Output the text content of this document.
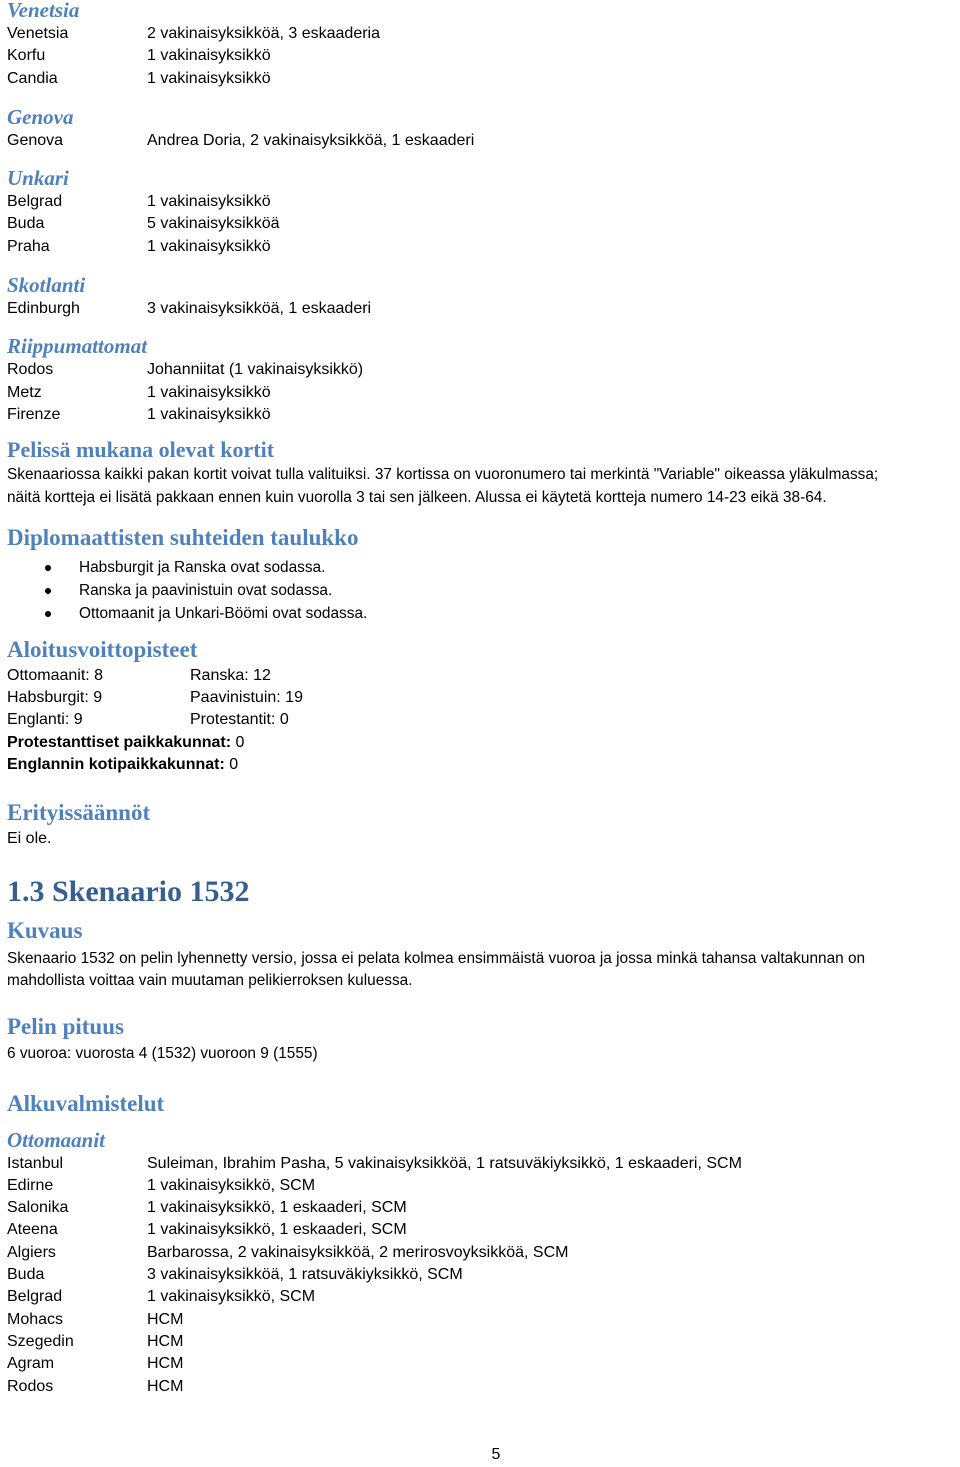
Venetsia
Venetsia	2 vakinaisyksikköä, 3 eskaaderia
Korfu	1 vakinaisyksikkö
Candia	1 vakinaisyksikkö
Genova
Genova	Andrea Doria, 2 vakinaisyksikköä, 1 eskaaderi
Unkari
Belgrad	1 vakinaisyksikkö
Buda	5 vakinaisyksikköä
Praha	1 vakinaisyksikkö
Skotlanti
Edinburgh	3 vakinaisyksikköä, 1 eskaaderi
Riippumattomat
Rodos	Johanniitat (1 vakinaisyksikkö)
Metz	1 vakinaisyksikkö
Firenze	1 vakinaisyksikkö
Pelissä mukana olevat kortit

Skenaariossa kaikki pakan kortit voivat tulla valituiksi. 37 kortissa on vuoronumero tai merkintä "Variable" oikeassa yläkulmassa;

näitä kortteja ei lisätä pakkaan ennen kuin vuorolla 3 tai sen jälkeen. Alussa ei käytetä kortteja numero 14-23 eikä 38-64.

Diplomaattisten suhteiden taulukko
Habsburgit ja Ranska ovat sodassa.
Ranska ja paavinistuin ovat sodassa.
Ottomaanit ja Unkari-Böömi ovat sodassa.
Aloitusvoittopisteet
Ottomaanit: 8	Ranska: 12
Habsburgit: 9	Paavinistuin: 19
Englanti: 9	Protestantit: 0
Protestanttiset paikkakunnat: 0
Englannin kotipaikkakunnat: 0
Erityissäännöt

Ei ole.

1.3 Skenaario 1532
Kuvaus

Skenaario 1532 on pelin lyhennetty versio, jossa ei pelata kolmea ensimmäistä vuoroa ja jossa minkä tahansa valtakunnan on

mahdollista voittaa vain muutaman pelikierroksen kuluessa.

Pelin pituus

6 vuoroa: vuorosta 4 (1532) vuoroon 9 (1555)

Alkuvalmistelut
Ottomaanit
Istanbul	Suleiman, Ibrahim Pasha, 5 vakinaisyksikköä, 1 ratsuväkiyksikkö, 1 eskaaderi, SCM
Edirne	1 vakinaisyksikkö, SCM
Salonika	1 vakinaisyksikkö, 1 eskaaderi, SCM
Ateena	1 vakinaisyksikkö, 1 eskaaderi, SCM
Algiers	Barbarossa, 2 vakinaisyksikköä, 2 merirosvoyksikköä, SCM
Buda	3 vakinaisyksikköä, 1 ratsuväkiyksikkö, SCM
Belgrad	1 vakinaisyksikkö, SCM
Mohacs	HCM
Szegedin	HCM
Agram	HCM
Rodos	HCM
5
